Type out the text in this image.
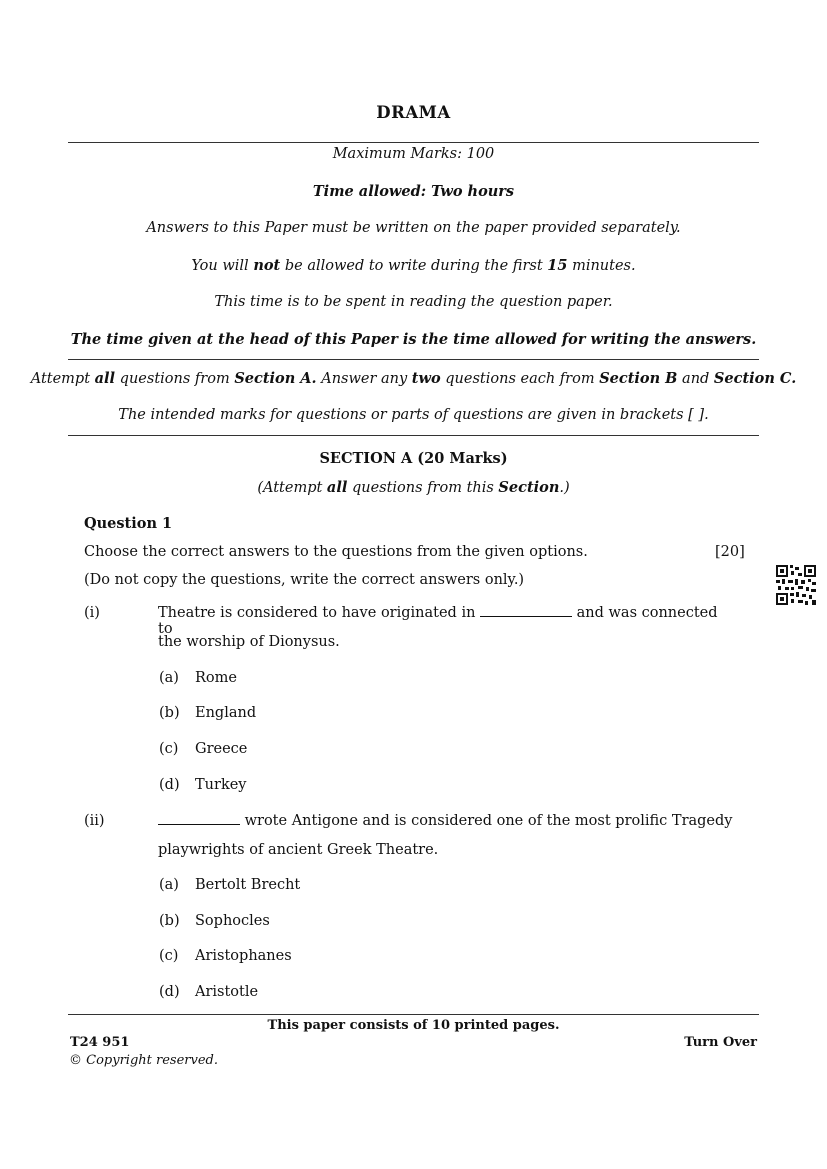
DRAMA
Maximum Marks: 100
Time allowed: Two hours
Answers to this Paper must be written on the paper provided separately.
You will not be allowed to write during the first 15 minutes.
This time is to be spent in reading the question paper.
The time given at the head of this Paper is the time allowed for writing the answers.
Attempt all questions from Section A. Answer any two questions each from Section B and Section C.
The intended marks for questions or parts of questions are given in brackets [ ].
SECTION A (20 Marks)
(Attempt all questions from this Section.)
Question 1
Choose the correct answers to the questions from the given options.	[20]
(Do not copy the questions, write the correct answers only.)
(i)	Theatre is considered to have originated in	and was connected to
the worship of Dionysus.
(a) Rome
(b) England
(c) Greece
(d) Turkey
(ii)	wrote Antigone and is considered one of the most prolific Tragedy
playwrights of ancient Greek Theatre.
(a) Bertolt Brecht
(b) Sophocles
(c) Aristophanes
(d) Aristotle
This paper consists of 10 printed pages.
T24 951	Turn Over
© Copyright reserved.
